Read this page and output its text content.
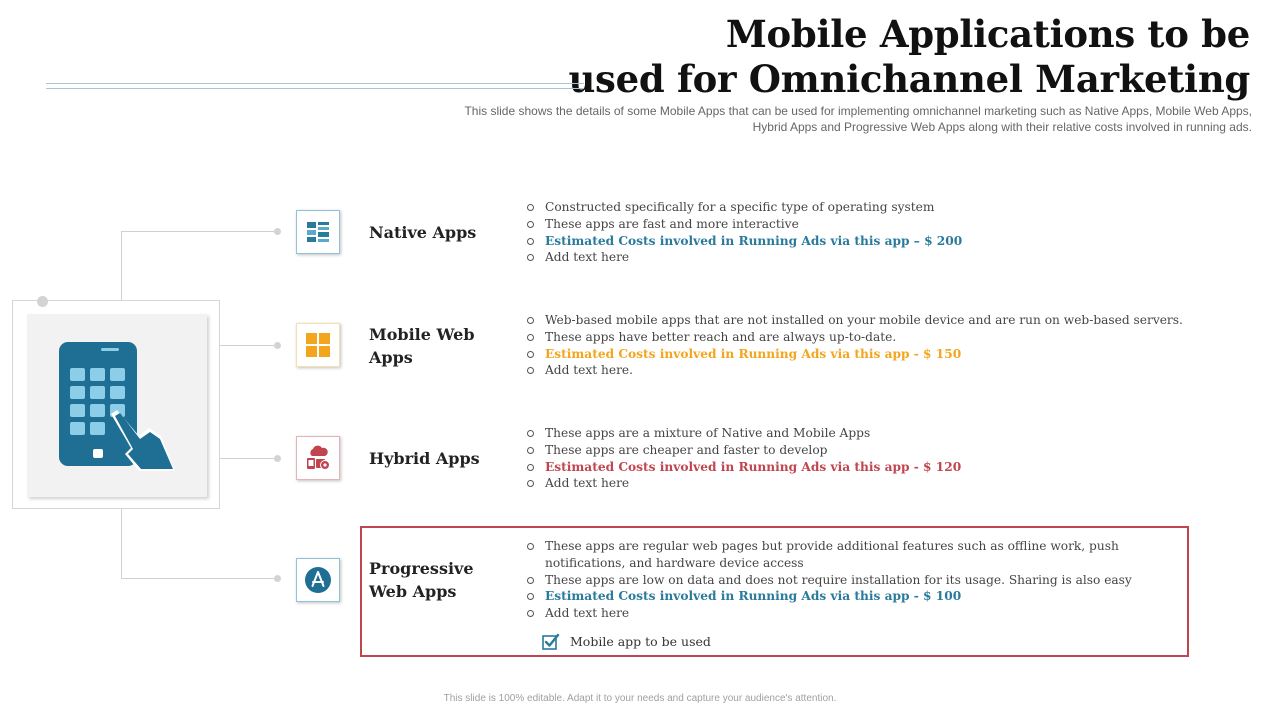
Mobile Applications to be
used for Omnichannel Marketing
This slide shows the details of some Mobile Apps that can be used for implementing omnichannel marketing such as Native Apps, Mobile Web Apps,
Hybrid Apps and Progressive Web Apps along with their relative costs involved in running ads.
Native Apps
Mobile Web
Apps
Hybrid Apps
Progressive
Web Apps
Constructed specifically for a specific type of operating system
These apps are fast and more interactive
Estimated Costs involved in Running Ads via this app – $ 200
Add text here
Web-based mobile apps that are not installed on your mobile device and are run on web-based servers.
These apps have better reach and are always up-to-date.
Estimated Costs involved in Running Ads via this app - $ 150
Add text here.
These apps are a mixture of Native and Mobile Apps
These apps are cheaper and faster to develop
Estimated Costs involved in Running Ads via this app - $ 120
Add text here
These apps are regular web pages but provide additional features such as offline work, push notifications, and hardware device access
These apps are low on data and does not require installation for its usage. Sharing is also easy
Estimated Costs involved in Running Ads via this app - $ 100
Add text here
Mobile app to be used
This slide is 100% editable. Adapt it to your needs and capture your audience's attention.
